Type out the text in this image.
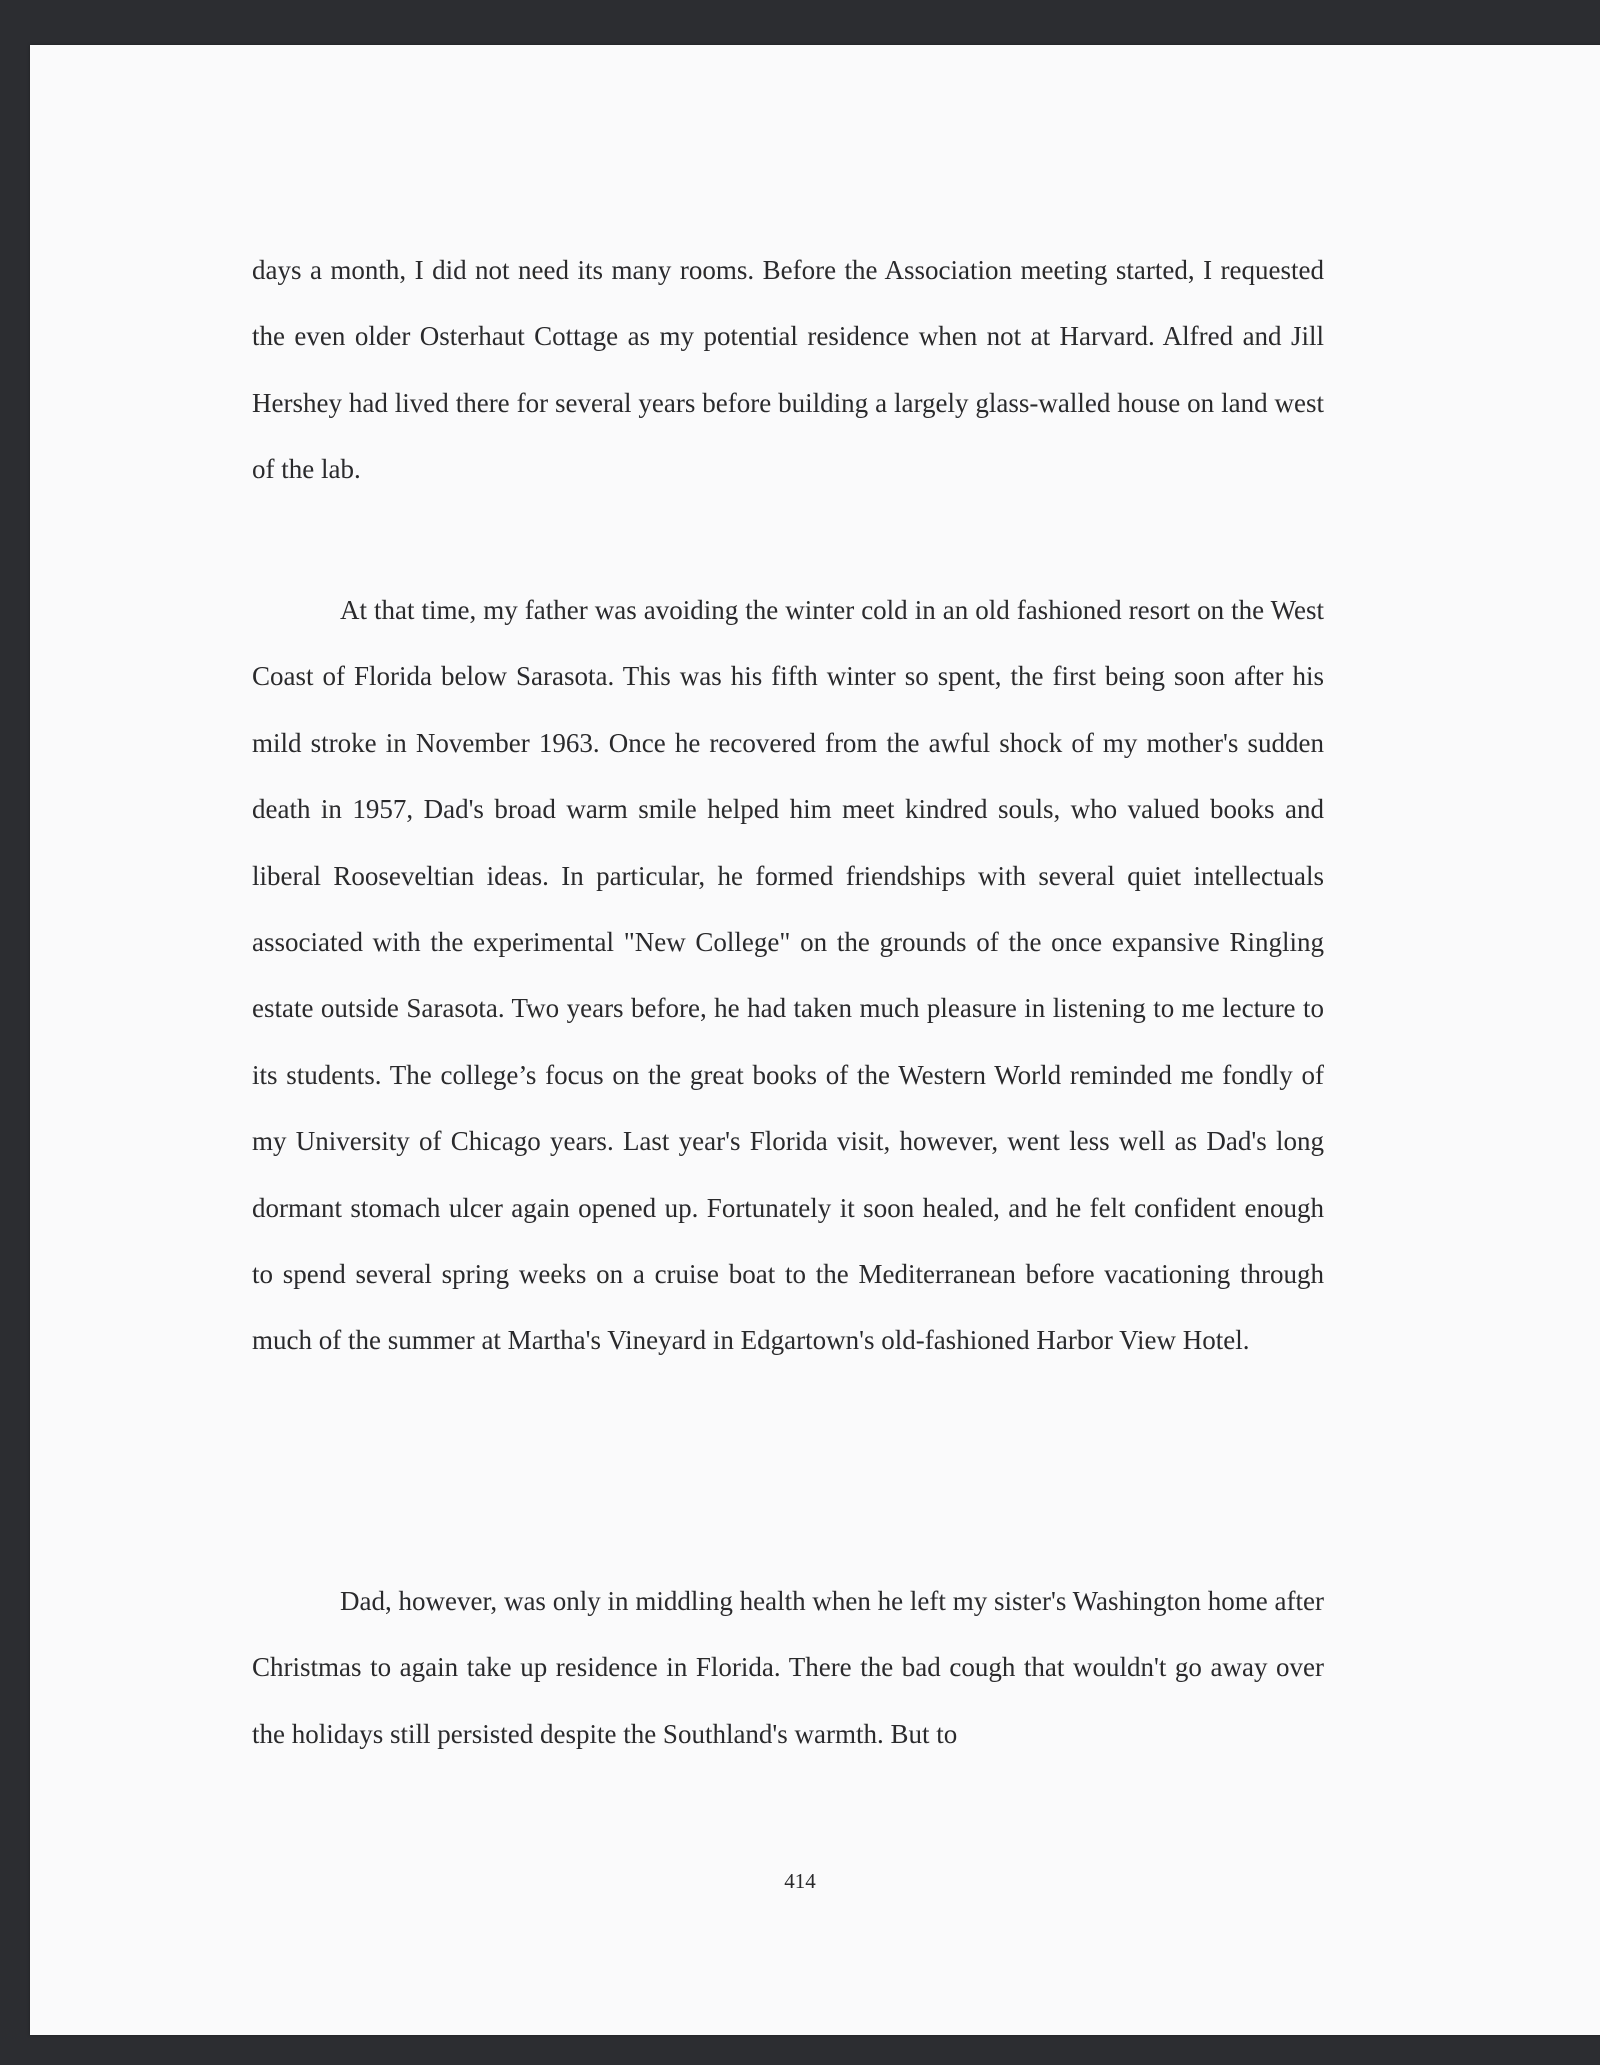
days a month, I did not need its many rooms. Before the Association meeting started, I requested the even older Osterhaut Cottage as my potential residence when not at Harvard. Alfred and Jill Hershey had lived there for several years before building a largely glass-walled house on land west of the lab.
At that time, my father was avoiding the winter cold in an old fashioned resort on the West Coast of Florida below Sarasota. This was his fifth winter so spent, the first being soon after his mild stroke in November 1963. Once he recovered from the awful shock of my mother's sudden death in 1957, Dad's broad warm smile helped him meet kindred souls, who valued books and liberal Rooseveltian ideas. In particular, he formed friendships with several quiet intellectuals associated with the experimental "New College" on the grounds of the once expansive Ringling estate outside Sarasota. Two years before, he had taken much pleasure in listening to me lecture to its students. The college’s focus on the great books of the Western World reminded me fondly of my University of Chicago years. Last year's Florida visit, however, went less well as Dad's long dormant stomach ulcer again opened up. Fortunately it soon healed, and he felt confident enough to spend several spring weeks on a cruise boat to the Mediterranean before vacationing through much of the summer at Martha's Vineyard in Edgartown's old-fashioned Harbor View Hotel.
Dad, however, was only in middling health when he left my sister's Washington home after Christmas to again take up residence in Florida. There the bad cough that wouldn't go away over the holidays still persisted despite the Southland's warmth. But to
414
